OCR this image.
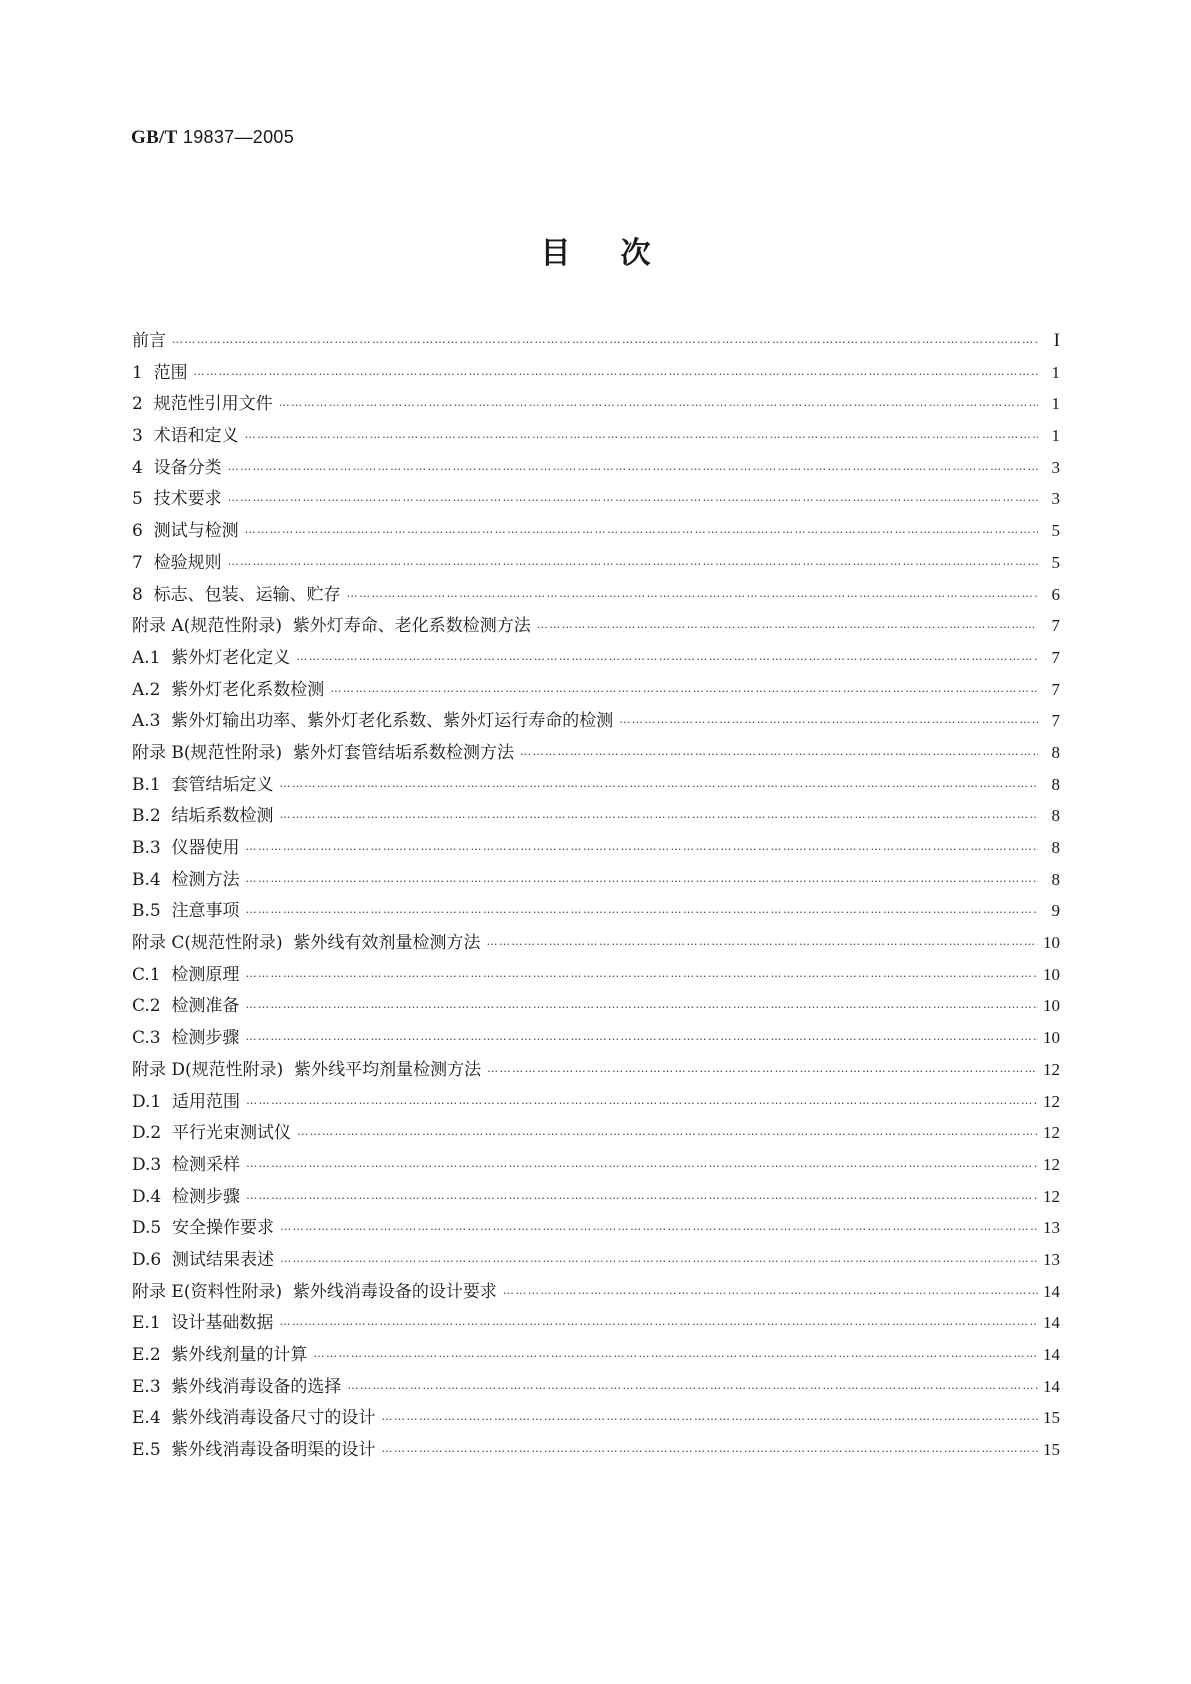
GB/T 19837—2005
目次
前言 ………………………………………………………………………………………………………………………………………………………………………………………………………………………………………………………………………	I
1  范围 ………………………………………………………………………………………………………………………………………………………………………………………………………………………………………………………………………	1
2  规范性引用文件 ………………………………………………………………………………………………………………………………………………………………………………………………………………………………………………………………………	1
3  术语和定义 ………………………………………………………………………………………………………………………………………………………………………………………………………………………………………………………………………	1
4  设备分类 ………………………………………………………………………………………………………………………………………………………………………………………………………………………………………………………………………	3
5  技术要求 ………………………………………………………………………………………………………………………………………………………………………………………………………………………………………………………………………	3
6  测试与检测 ………………………………………………………………………………………………………………………………………………………………………………………………………………………………………………………………………	5
7  检验规则 ………………………………………………………………………………………………………………………………………………………………………………………………………………………………………………………………………	5
8  标志、包装、运输、贮存 ………………………………………………………………………………………………………………………………………………………………………………………………………………………………………………………………………	6
附录 A(规范性附录)  紫外灯寿命、老化系数检测方法 ………………………………………………………………………………………………………………………………………………………………………………………………………………………………………………………………………	7
A.1  紫外灯老化定义 ………………………………………………………………………………………………………………………………………………………………………………………………………………………………………………………………………	7
A.2  紫外灯老化系数检测 ………………………………………………………………………………………………………………………………………………………………………………………………………………………………………………………………………	7
A.3  紫外灯输出功率、紫外灯老化系数、紫外灯运行寿命的检测 ………………………………………………………………………………………………………………………………………………………………………………………………………………………………………………………………………	7
附录 B(规范性附录)  紫外灯套管结垢系数检测方法 ………………………………………………………………………………………………………………………………………………………………………………………………………………………………………………………………………	8
B.1  套管结垢定义 ………………………………………………………………………………………………………………………………………………………………………………………………………………………………………………………………………	8
B.2  结垢系数检测 ………………………………………………………………………………………………………………………………………………………………………………………………………………………………………………………………………	8
B.3  仪器使用 ………………………………………………………………………………………………………………………………………………………………………………………………………………………………………………………………………	8
B.4  检测方法 ………………………………………………………………………………………………………………………………………………………………………………………………………………………………………………………………………	8
B.5  注意事项 ………………………………………………………………………………………………………………………………………………………………………………………………………………………………………………………………………	9
附录 C(规范性附录)  紫外线有效剂量检测方法 ………………………………………………………………………………………………………………………………………………………………………………………………………………………………………………………………………	10
C.1  检测原理 ………………………………………………………………………………………………………………………………………………………………………………………………………………………………………………………………………	10
C.2  检测准备 ………………………………………………………………………………………………………………………………………………………………………………………………………………………………………………………………………	10
C.3  检测步骤 ………………………………………………………………………………………………………………………………………………………………………………………………………………………………………………………………………	10
附录 D(规范性附录)  紫外线平均剂量检测方法 ………………………………………………………………………………………………………………………………………………………………………………………………………………………………………………………………………	12
D.1  适用范围 ………………………………………………………………………………………………………………………………………………………………………………………………………………………………………………………………………	12
D.2  平行光束测试仪 ………………………………………………………………………………………………………………………………………………………………………………………………………………………………………………………………………	12
D.3  检测采样 ………………………………………………………………………………………………………………………………………………………………………………………………………………………………………………………………………	12
D.4  检测步骤 ………………………………………………………………………………………………………………………………………………………………………………………………………………………………………………………………………	12
D.5  安全操作要求 ………………………………………………………………………………………………………………………………………………………………………………………………………………………………………………………………………	13
D.6  测试结果表述 ………………………………………………………………………………………………………………………………………………………………………………………………………………………………………………………………………	13
附录 E(资料性附录)  紫外线消毒设备的设计要求 ………………………………………………………………………………………………………………………………………………………………………………………………………………………………………………………………………	14
E.1  设计基础数据 ………………………………………………………………………………………………………………………………………………………………………………………………………………………………………………………………………	14
E.2  紫外线剂量的计算 ………………………………………………………………………………………………………………………………………………………………………………………………………………………………………………………………………	14
E.3  紫外线消毒设备的选择 ………………………………………………………………………………………………………………………………………………………………………………………………………………………………………………………………………	14
E.4  紫外线消毒设备尺寸的设计 ………………………………………………………………………………………………………………………………………………………………………………………………………………………………………………………………………	15
E.5  紫外线消毒设备明渠的设计 ………………………………………………………………………………………………………………………………………………………………………………………………………………………………………………………………………	15
